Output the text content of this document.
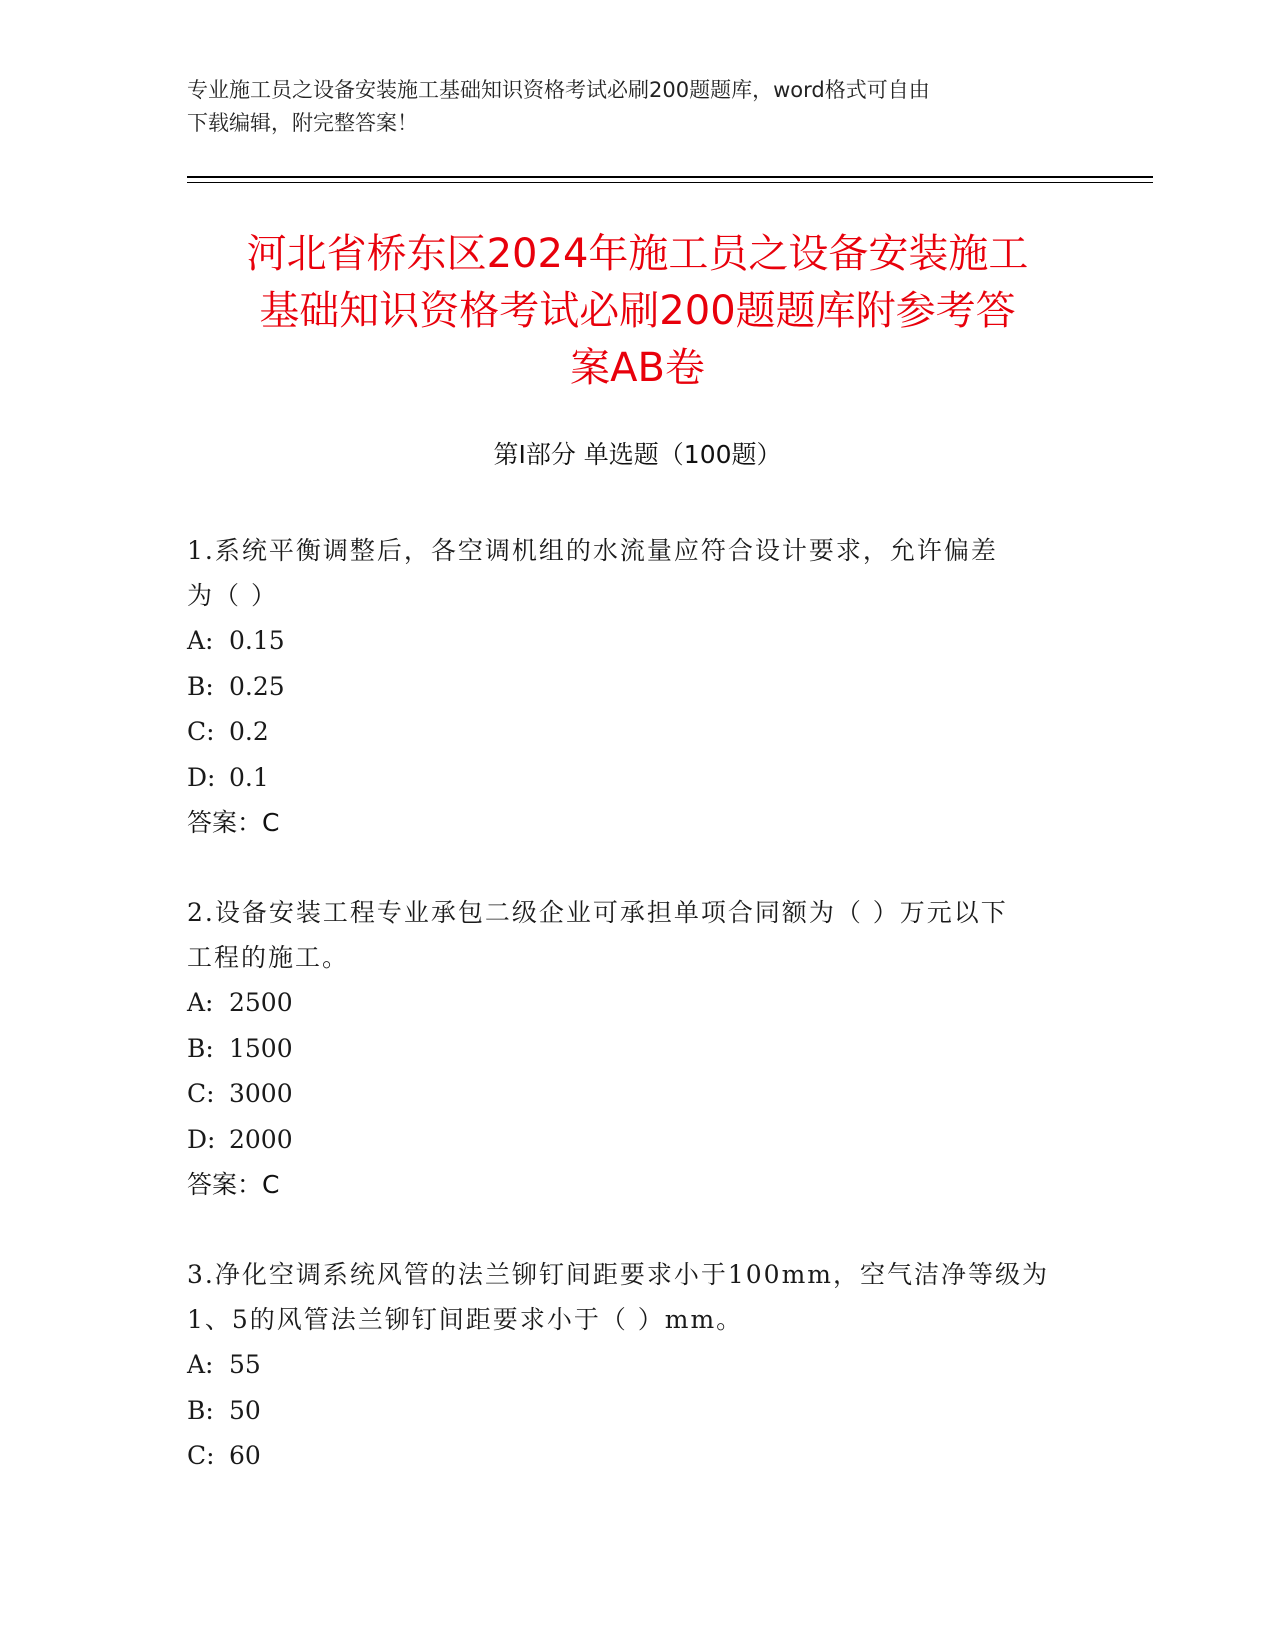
专业施工员之设备安装施工基础知识资格考试必刷200题题库，word格式可自由
下载编辑，附完整答案！
河北省桥东区2024年施工员之设备安装施工
基础知识资格考试必刷200题题库附参考答
案AB卷
第Ⅰ部分 单选题（100题）
1.系统平衡调整后，各空调机组的水流量应符合设计要求，允许偏差
为（ ）
A: 0.15
B: 0.25
C: 0.2
D: 0.1
答案：C
2.设备安装工程专业承包二级企业可承担单项合同额为（ ）万元以下
工程的施工。
A: 2500
B: 1500
C: 3000
D: 2000
答案：C
3.净化空调系统风管的法兰铆钉间距要求小于100mm，空气洁净等级为
1、5的风管法兰铆钉间距要求小于（ ）mm。
A: 55
B: 50
C: 60
